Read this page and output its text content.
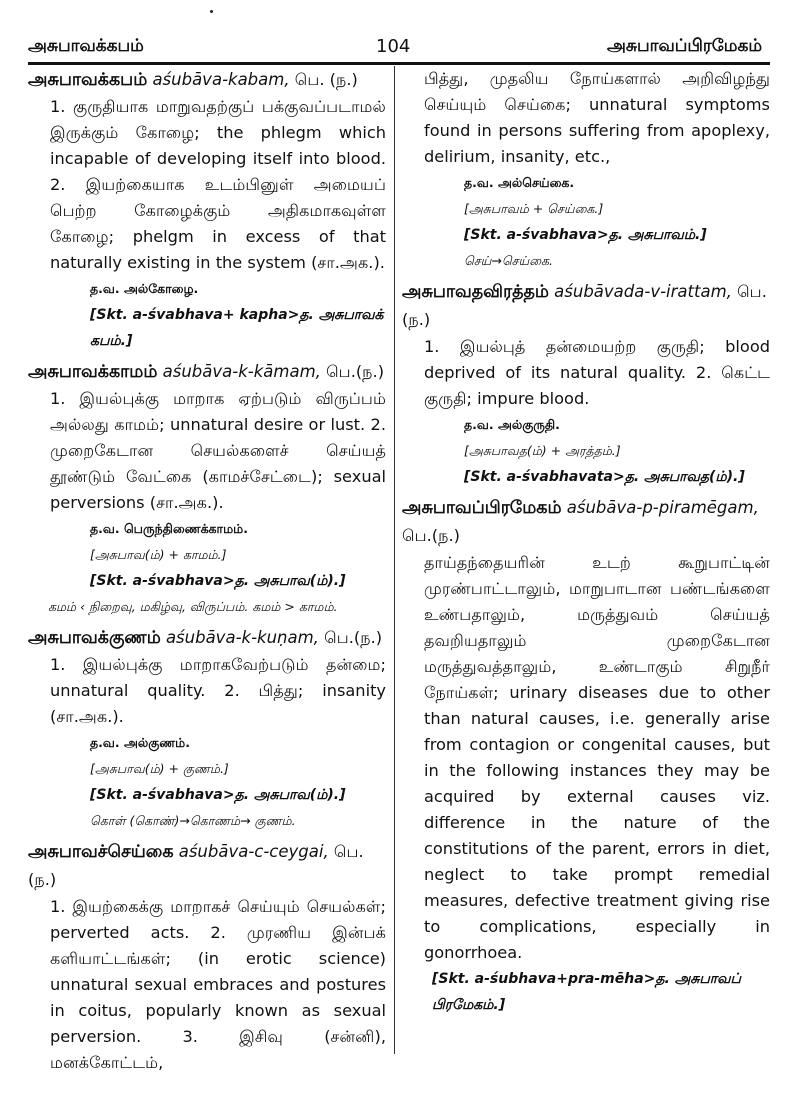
அசுபாவக்கபம்	104	அசுபாவப்பிரமேகம்
அசுபாவக்கபம் aśubāva-kabam, பெ. (ந.)
1. குருதியாக மாறுவதற்குப் பக்குவப்படாமல் இருக்கும் கோழை; the phlegm which incapable of developing itself into blood. 2. இயற்கையாக உடம்பினுள் அமையப் பெற்ற கோழைக்கும் அதிகமாகவுள்ள கோழை; phelgm in excess of that naturally existing in the system (சா.அக.).
த.வ. அல்கோழை.
[Skt. a-śvabhava+ kapha>த. அசுபாவக் கபம்.]
அசுபாவக்காமம் aśubāva-k-kāmam, பெ.(ந.)
1. இயல்புக்கு மாறாக ஏற்படும் விருப்பம் அல்லது காமம்; unnatural desire or lust. 2. முறைகேடான செயல்களைச் செய்யத் தூண்டும் வேட்கை (காமச்சேட்டை); sexual perversions (சா.அக.).
த.வ. பெருந்திணைக்காமம்.
[அசுபாவ(ம்) + காமம்.]
[Skt. a-śvabhava>த. அசுபாவ(ம்).]
கமம் ‹ நிறைவு, மகிழ்வு, விருப்பம். கமம் > காமம்.
அசுபாவக்குணம் aśubāva-k-kuṇam, பெ.(ந.)
1. இயல்புக்கு மாறாகவேற்படும் தன்மை; unnatural quality. 2. பித்து; insanity (சா.அக.).
த.வ. அல்குணம்.
[அசுபாவ(ம்) + குணம்.]
[Skt. a-śvabhava>த. அசுபாவ(ம்).]
கொள் (கொண்)→கொணம்→ குணம்.
அசுபாவச்செய்கை aśubāva-c-ceygai, பெ.(ந.)
1. இயற்கைக்கு மாறாகச் செய்யும் செயல்கள்; perverted acts. 2. முரணிய இன்பக் களியாட்டங்கள்; (in erotic science) unnatural sexual embraces and postures in coitus, popularly known as sexual perversion. 3. இசிவு (சன்னி), மனக்கோட்டம்,
பித்து, முதலிய நோய்களால் அறிவிழந்து செய்யும் செய்கை; unnatural symptoms found in persons suffering from apoplexy, delirium, insanity, etc.,
த.வ. அல்செய்கை.
[அசுபாவம் + செய்கை.]
[Skt. a-śvabhava>த. அசுபாவம்.]
செய்→செய்கை.
அசுபாவதவிரத்தம் aśubāvada-v-irattam, பெ.(ந.)
1. இயல்புத் தன்மையற்ற குருதி; blood deprived of its natural quality. 2. கெட்ட குருதி; impure blood.
த.வ. அல்குருதி.
[அசுபாவத(ம்) + அரத்தம்.]
[Skt. a-śvabhavata>த. அசுபாவத(ம்).]
அசுபாவப்பிரமேகம் aśubāva-p-piramēgam, பெ.(ந.)
தாய்தந்தையரின் உடற் கூறுபாட்டின் முரண்பாட்டாலும், மாறுபாடான பண்டங்களை உண்பதாலும், மருத்துவம் செய்யத் தவறியதாலும் முறைகேடான மருத்துவத்தாலும், உண்டாகும் சிறுநீர் நோய்கள்; urinary diseases due to other than natural causes, i.e. generally arise from contagion or congenital causes, but in the following instances they may be acquired by external causes viz. difference in the nature of the constitutions of the parent, errors in diet, neglect to take prompt remedial measures, defective treatment giving rise to complications, especially in gonorrhoea.
[Skt. a-śubhava+pra-mēha>த. அசுபாவப் பிரமேகம்.]
